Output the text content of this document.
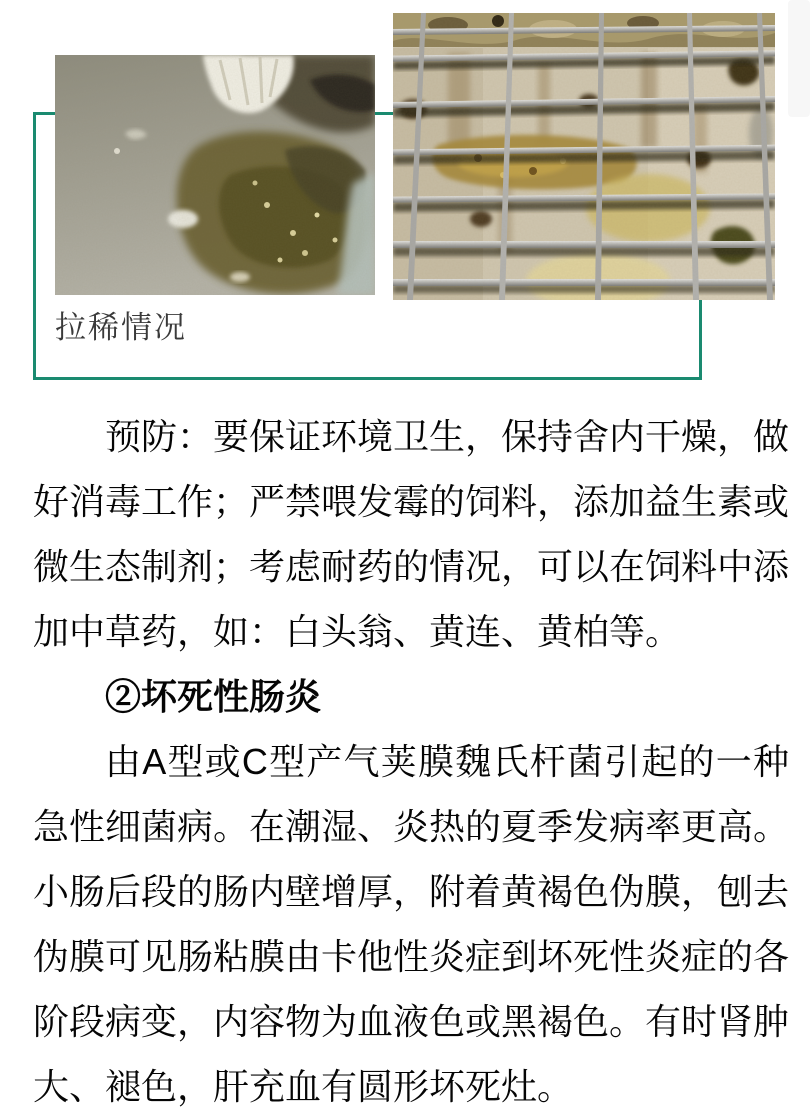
拉稀情况

预防：要保证环境卫生，保持舍内干燥，做好消毒工作；严禁喂发霉的饲料，添加益生素或微生态制剂；考虑耐药的情况，可以在饲料中添加中草药，如：白头翁、黄连、黄柏等。

②坏死性肠炎

由A型或C型产气荚膜魏氏杆菌引起的一种急性细菌病。在潮湿、炎热的夏季发病率更高。小肠后段的肠内壁增厚，附着黄褐色伪膜，刨去伪膜可见肠粘膜由卡他性炎症到坏死性炎症的各阶段病变，内容物为血液色或黑褐色。有时肾肿大、褪色，肝充血有圆形坏死灶。
